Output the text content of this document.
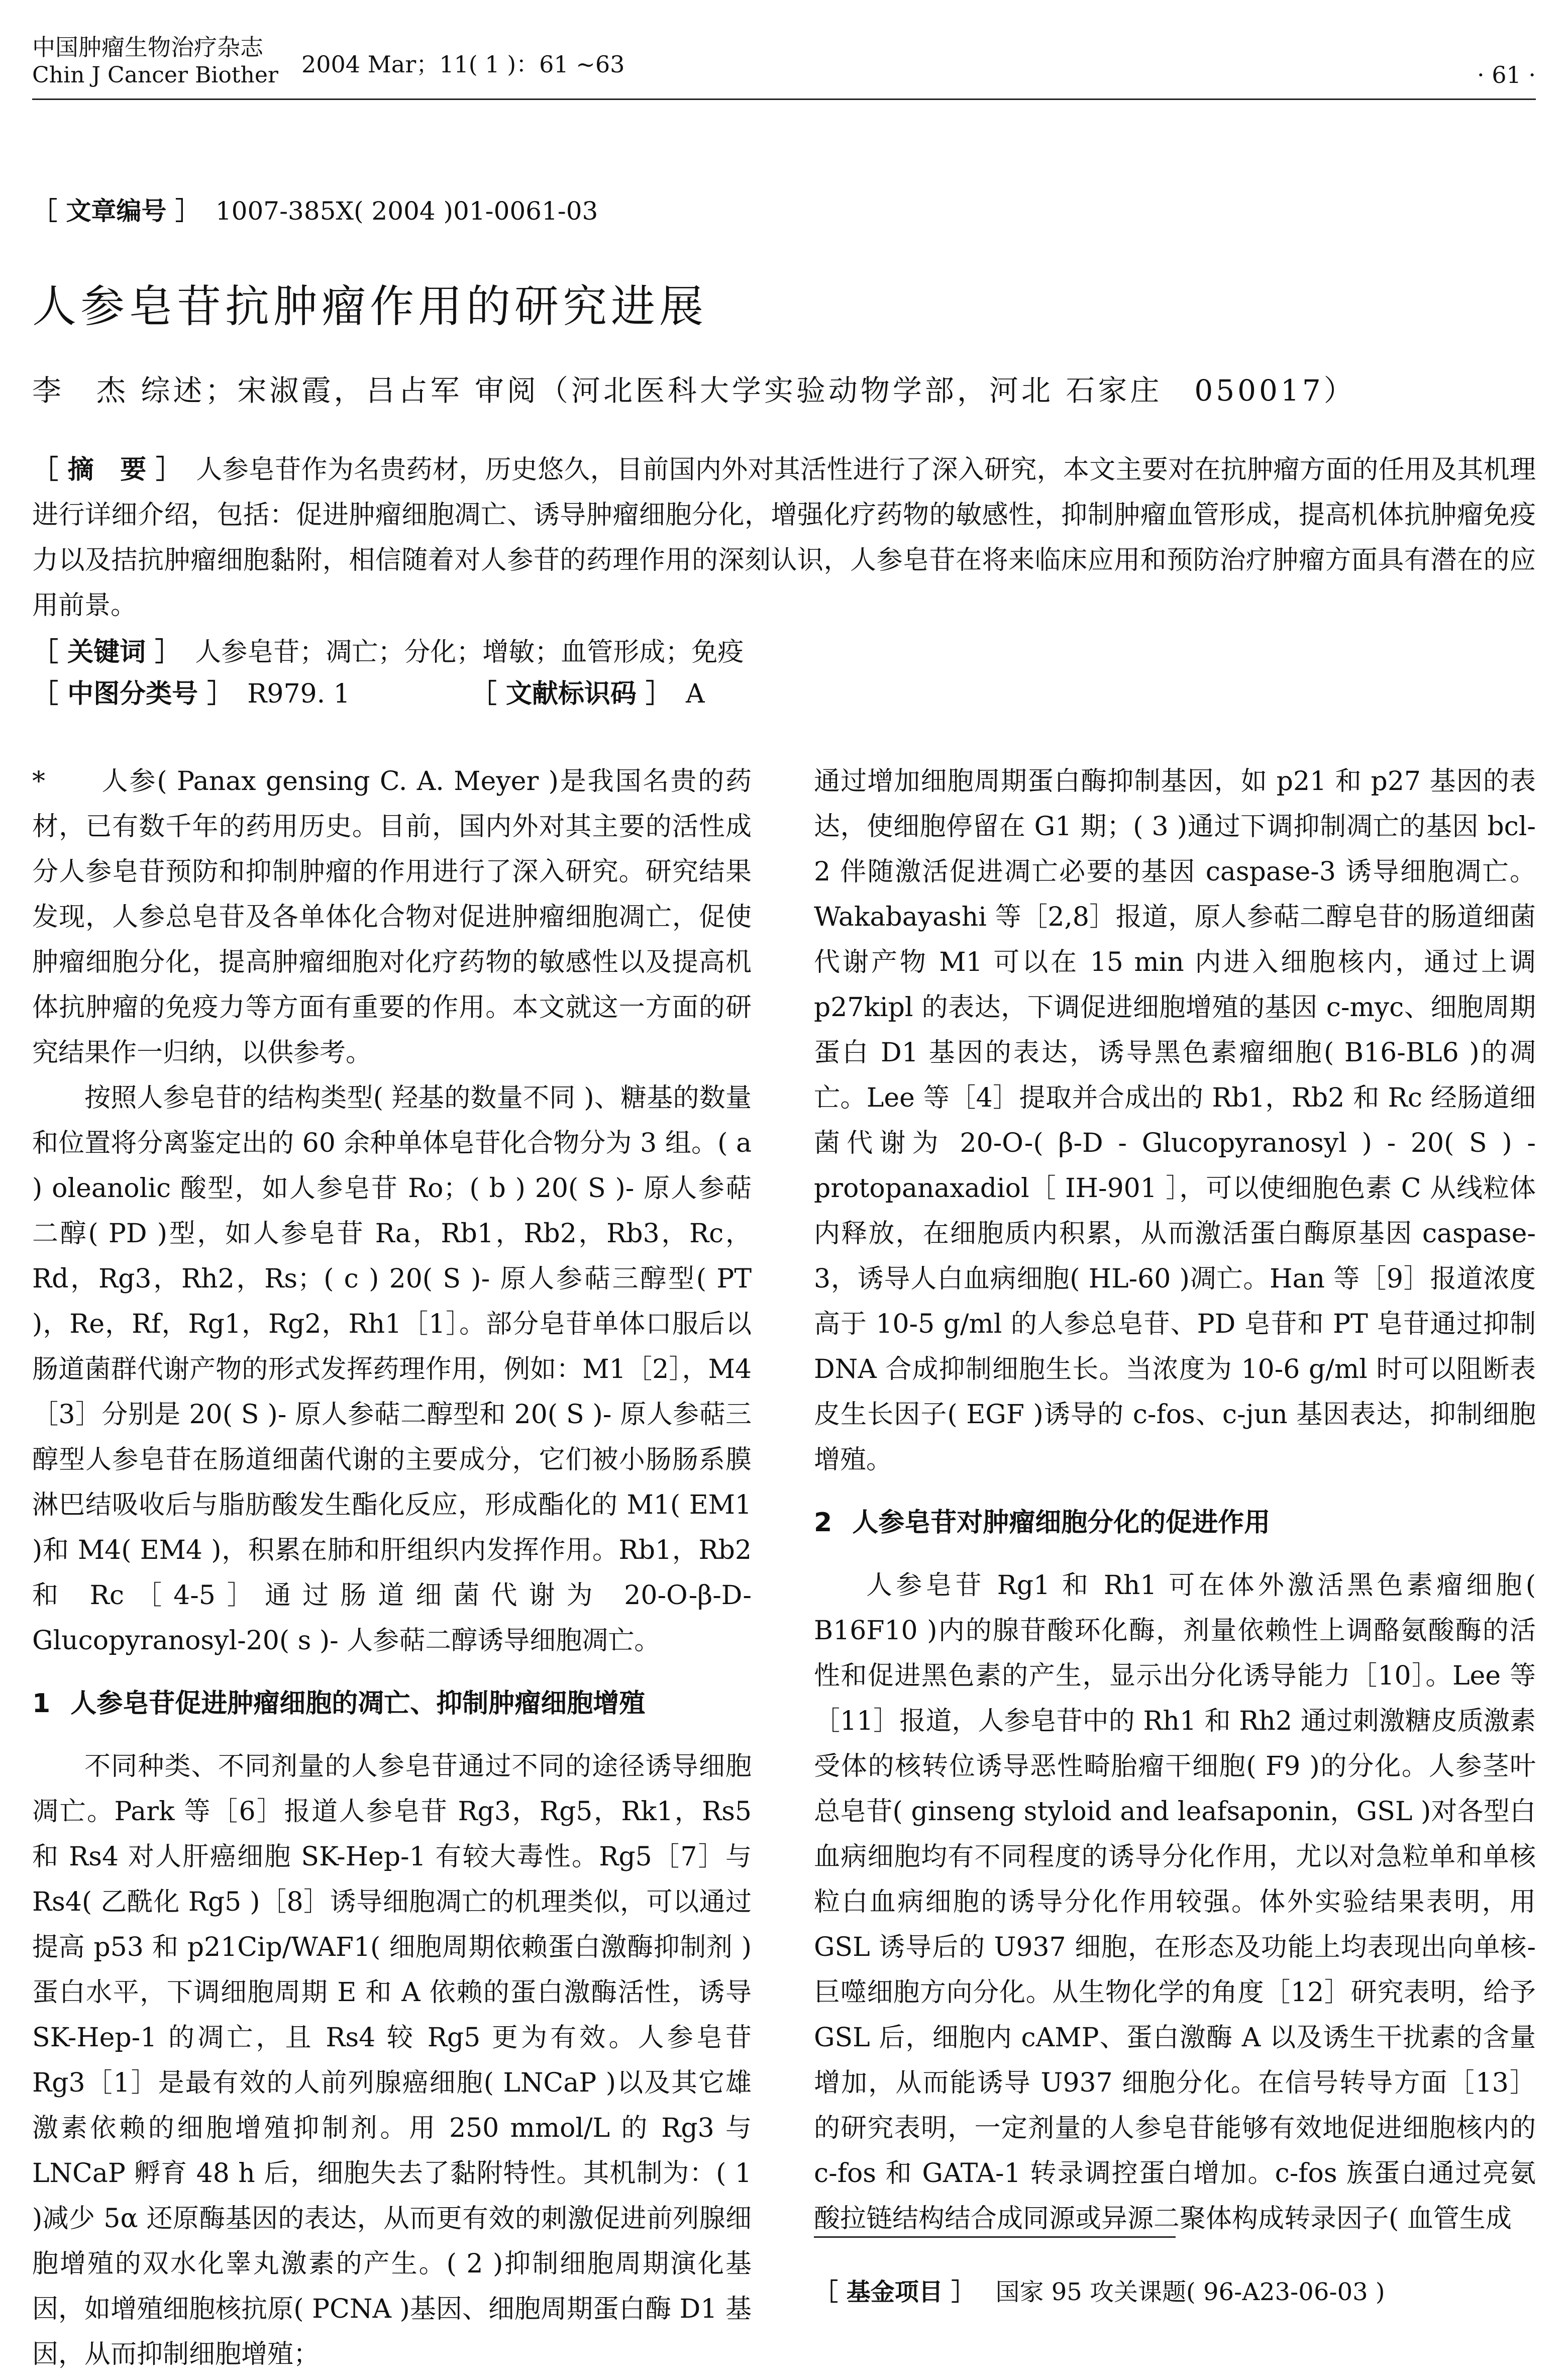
中国肿瘤生物治疗杂志
Chin J Cancer Biother 2004 Mar；11( 1 )：61 ~63	· 61 ·
［ 文章编号 ］ 1007-385X( 2004 )01-0061-03
人参皂苷抗肿瘤作用的研究进展
李　杰 综述；宋淑霞，吕占军 审阅（河北医科大学实验动物学部，河北 石家庄　050017）
［ 摘　要 ］ 人参皂苷作为名贵药材，历史悠久，目前国内外对其活性进行了深入研究，本文主要对在抗肿瘤方面的任用及其机理进行详细介绍，包括：促进肿瘤细胞凋亡、诱导肿瘤细胞分化，增强化疗药物的敏感性，抑制肿瘤血管形成，提高机体抗肿瘤免疫力以及拮抗肿瘤细胞黏附，相信随着对人参苷的药理作用的深刻认识，人参皂苷在将来临床应用和预防治疗肿瘤方面具有潜在的应用前景。
［ 关键词 ］ 人参皂苷；凋亡；分化；增敏；血管形成；免疫
［ 中图分类号 ］ R979. 1	［ 文献标识码 ］ A

*　　人参( Panax gensing C. A. Meyer )是我国名贵的药材，已有数千年的药用历史。目前，国内外对其主要的活性成分人参皂苷预防和抑制肿瘤的作用进行了深入研究。研究结果发现，人参总皂苷及各单体化合物对促进肿瘤细胞凋亡，促使肿瘤细胞分化，提高肿瘤细胞对化疗药物的敏感性以及提高机体抗肿瘤的免疫力等方面有重要的作用。本文就这一方面的研究结果作一归纳，以供参考。

按照人参皂苷的结构类型( 羟基的数量不同 )、糖基的数量和位置将分离鉴定出的 60 余种单体皂苷化合物分为 3 组。( a ) oleanolic 酸型，如人参皂苷 Ro；( b ) 20( S )- 原人参萜二醇( PD )型，如人参皂苷 Ra，Rb1，Rb2，Rb3，Rc，Rd，Rg3，Rh2，Rs；( c ) 20( S )- 原人参萜三醇型( PT )，Re，Rf，Rg1，Rg2，Rh1［1］。部分皂苷单体口服后以肠道菌群代谢产物的形式发挥药理作用，例如：M1［2］，M4［3］分别是 20( S )- 原人参萜二醇型和 20( S )- 原人参萜三醇型人参皂苷在肠道细菌代谢的主要成分，它们被小肠肠系膜淋巴结吸收后与脂肪酸发生酯化反应，形成酯化的 M1( EM1 )和 M4( EM4 )，积累在肺和肝组织内发挥作用。Rb1，Rb2 和 Rc［4-5］通过肠道细菌代谢为 20-O-β-D-Glucopyranosyl-20( s )- 人参萜二醇诱导细胞凋亡。

1 人参皂苷促进肿瘤细胞的凋亡、抑制肿瘤细胞增殖

不同种类、不同剂量的人参皂苷通过不同的途径诱导细胞凋亡。Park 等［6］报道人参皂苷 Rg3，Rg5，Rk1，Rs5 和 Rs4 对人肝癌细胞 SK-Hep-1 有较大毒性。Rg5［7］与 Rs4( 乙酰化 Rg5 )［8］诱导细胞凋亡的机理类似，可以通过提高 p53 和 p21Cip/WAF1( 细胞周期依赖蛋白激酶抑制剂 )蛋白水平，下调细胞周期 E 和 A 依赖的蛋白激酶活性，诱导 SK-Hep-1 的凋亡，且 Rs4 较 Rg5 更为有效。人参皂苷 Rg3［1］是最有效的人前列腺癌细胞( LNCaP )以及其它雄激素依赖的细胞增殖抑制剂。用 250 mmol/L 的 Rg3 与 LNCaP 孵育 48 h 后，细胞失去了黏附特性。其机制为：( 1 )减少 5α 还原酶基因的表达，从而更有效的刺激促进前列腺细胞增殖的双水化睾丸激素的产生。( 2 )抑制细胞周期演化基因，如增殖细胞核抗原( PCNA )基因、细胞周期蛋白酶 D1 基因，从而抑制细胞增殖；

通过增加细胞周期蛋白酶抑制基因，如 p21 和 p27 基因的表达，使细胞停留在 G1 期；( 3 )通过下调抑制凋亡的基因 bcl-2 伴随激活促进凋亡必要的基因 caspase-3 诱导细胞凋亡。Wakabayashi 等［2,8］报道，原人参萜二醇皂苷的肠道细菌代谢产物 M1 可以在 15 min 内进入细胞核内，通过上调 p27kipl 的表达，下调促进细胞增殖的基因 c-myc、细胞周期蛋白 D1 基因的表达，诱导黑色素瘤细胞( B16-BL6 )的凋亡。Lee 等［4］提取并合成出的 Rb1，Rb2 和 Rc 经肠道细菌代谢为 20-O-( β-D - Glucopyranosyl ) - 20( S ) - protopanaxadiol［ IH-901 ］，可以使细胞色素 C 从线粒体内释放，在细胞质内积累，从而激活蛋白酶原基因 caspase-3，诱导人白血病细胞( HL-60 )凋亡。Han 等［9］报道浓度高于 10-5 g/ml 的人参总皂苷、PD 皂苷和 PT 皂苷通过抑制 DNA 合成抑制细胞生长。当浓度为 10-6 g/ml 时可以阻断表皮生长因子( EGF )诱导的 c-fos、c-jun 基因表达，抑制细胞增殖。

2 人参皂苷对肿瘤细胞分化的促进作用

人参皂苷 Rg1 和 Rh1 可在体外激活黑色素瘤细胞( B16F10 )内的腺苷酸环化酶，剂量依赖性上调酪氨酸酶的活性和促进黑色素的产生，显示出分化诱导能力［10］。Lee 等［11］报道，人参皂苷中的 Rh1 和 Rh2 通过刺激糖皮质激素受体的核转位诱导恶性畸胎瘤干细胞( F9 )的分化。人参茎叶总皂苷( ginseng styloid and leafsaponin，GSL )对各型白血病细胞均有不同程度的诱导分化作用，尤以对急粒单和单核粒白血病细胞的诱导分化作用较强。体外实验结果表明，用 GSL 诱导后的 U937 细胞，在形态及功能上均表现出向单核-巨噬细胞方向分化。从生物化学的角度［12］研究表明，给予 GSL 后，细胞内 cAMP、蛋白激酶 A 以及诱生干扰素的含量增加，从而能诱导 U937 细胞分化。在信号转导方面［13］的研究表明，一定剂量的人参皂苷能够有效地促进细胞核内的 c-fos 和 GATA-1 转录调控蛋白增加。c-fos 族蛋白通过亮氨酸拉链结构结合成同源或异源二聚体构成转录因子( 血管生成

［ 基金项目 ］ 国家 95 攻关课题( 96-A23-06-03 )
